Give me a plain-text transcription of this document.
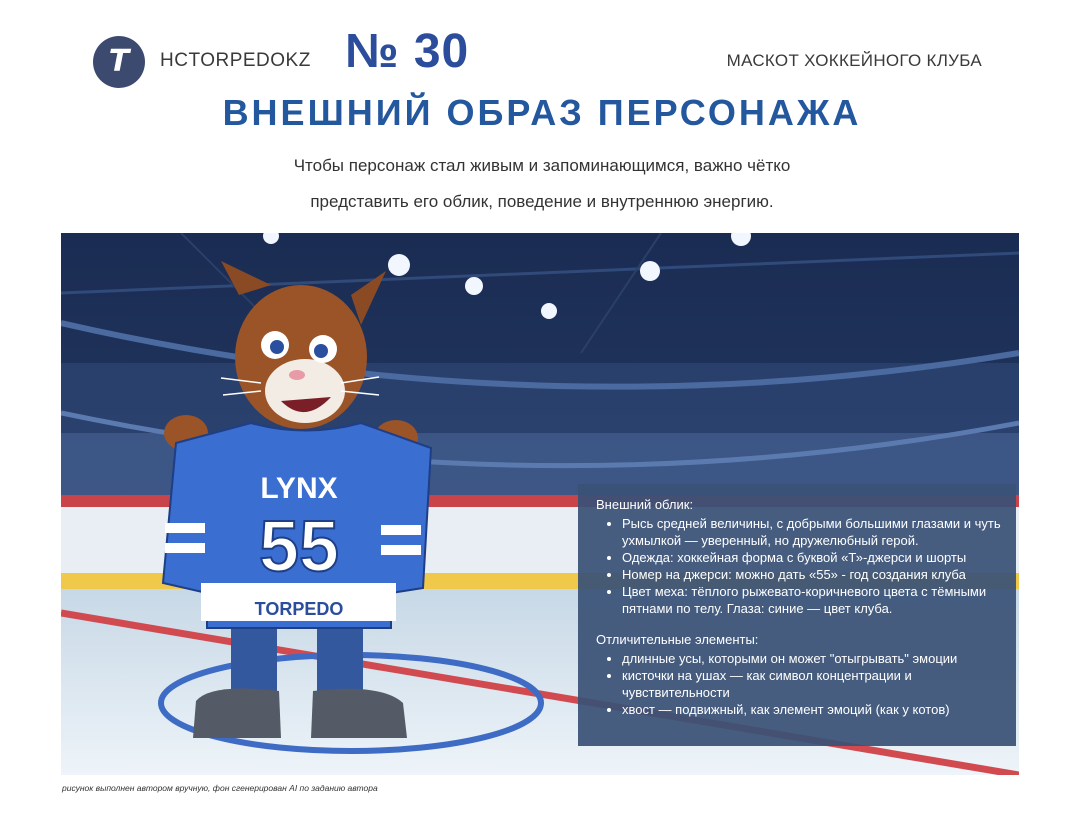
T HCTORPEDOKZ № 30	МАСКОТ ХОККЕЙНОГО КЛУБА
ВНЕШНИЙ ОБРАЗ ПЕРСОНАЖА
Чтобы персонаж стал живым и запоминающимся, важно чётко
представить его облик, поведение и внутреннюю энергию.
LYNX
55
TORPEDO
Внешний облик:
• Рысь средней величины, с добрыми большими глазами и чуть ухмылкой — уверенный, но дружелюбный герой.
• Одежда: хоккейная форма с буквой «Т»-джерси и шорты
• Номер на джерси: можно дать «55» - год создания клуба
• Цвет меха: тёплого рыжевато-коричневого цвета с тёмными пятнами по телу. Глаза: синие — цвет клуба.
Отличительные элементы:
• длинные усы, которыми он может "отыгрывать" эмоции
• кисточки на ушах — как символ концентрации и чувствительности
• хвост — подвижный, как элемент эмоций (как у котов)
рисунок выполнен автором вручную, фон сгенерирован AI по заданию автора
